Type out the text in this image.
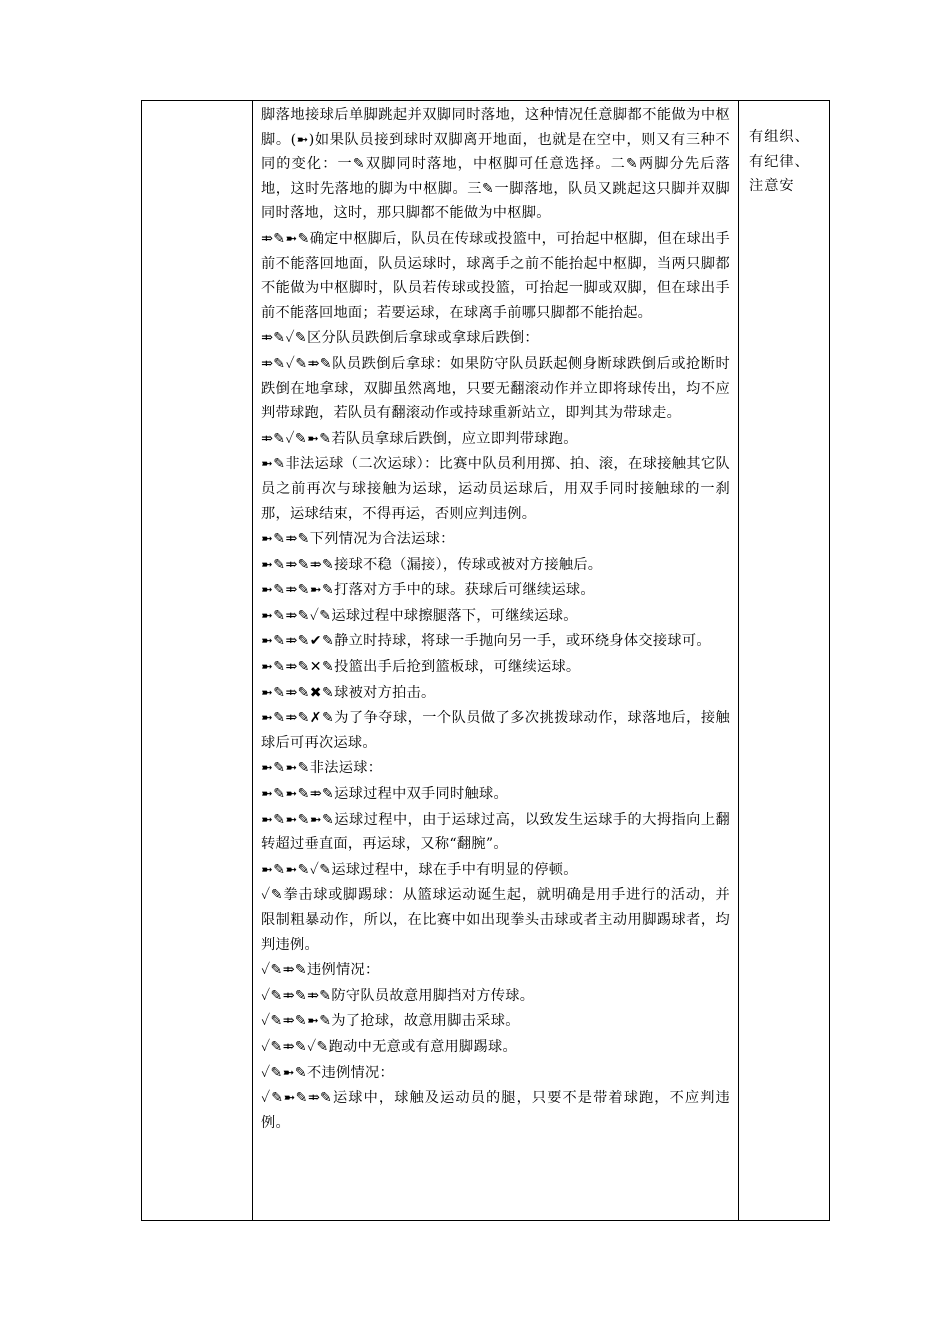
脚落地接球后单脚跳起并双脚同时落地，这种情况任意脚都不能做为中枢脚。(➼)如果队员接到球时双脚离开地面，也就是在空中，则又有三种不同的变化：一✎双脚同时落地，中枢脚可任意选择。二✎两脚分先后落地，这时先落地的脚为中枢脚。三✎一脚落地，队员又跳起这只脚并双脚同时落地，这时，那只脚都不能做为中枢脚。

⤃✎➼✎确定中枢脚后，队员在传球或投篮中，可抬起中枢脚，但在球出手前不能落回地面，队员运球时，球离手之前不能抬起中枢脚，当两只脚都不能做为中枢脚时，队员若传球或投篮，可抬起一脚或双脚，但在球出手前不能落回地面；若要运球，在球离手前哪只脚都不能抬起。

⤃✎✓✎区分队员跌倒后拿球或拿球后跌倒：

⤃✎✓✎⤃✎队员跌倒后拿球：如果防守队员跃起侧身断球跌倒后或抢断时跌倒在地拿球，双脚虽然离地，只要无翻滚动作并立即将球传出，均不应判带球跑，若队员有翻滚动作或持球重新站立，即判其为带球走。

⤃✎✓✎➼✎若队员拿球后跌倒，应立即判带球跑。

➼✎非法运球（二次运球）：比赛中队员利用掷、拍、滚，在球接触其它队员之前再次与球接触为运球，运动员运球后，用双手同时接触球的一刹那，运球结束，不得再运，否则应判违例。

➼✎⤃✎下列情况为合法运球：

➼✎⤃✎⤃✎接球不稳（漏接），传球或被对方接触后。

➼✎⤃✎➼✎打落对方手中的球。获球后可继续运球。

➼✎⤃✎✓✎运球过程中球擦腿落下，可继续运球。

➼✎⤃✎✔✎静立时持球，将球一手抛向另一手，或环绕身体交接球可。

➼✎⤃✎✕✎投篮出手后抢到篮板球，可继续运球。

➼✎⤃✎✖✎球被对方拍击。

➼✎⤃✎✗✎为了争夺球，一个队员做了多次挑拨球动作，球落地后，接触球后可再次运球。

➼✎➼✎非法运球：

➼✎➼✎⤃✎运球过程中双手同时触球。

➼✎➼✎➼✎运球过程中，由于运球过高，以致发生运球手的大拇指向上翻转超过垂直面，再运球，又称“翻腕”。

➼✎➼✎✓✎运球过程中，球在手中有明显的停顿。

✓✎拳击球或脚踢球：从篮球运动诞生起，就明确是用手进行的活动，并限制粗暴动作，所以，在比赛中如出现拳头击球或者主动用脚踢球者，均判违例。

✓✎⤃✎违例情况：

✓✎⤃✎⤃✎防守队员故意用脚挡对方传球。

✓✎⤃✎➼✎为了抢球，故意用脚击采球。

✓✎⤃✎✓✎跑动中无意或有意用脚踢球。

✓✎➼✎不违例情况：

✓✎➼✎⤃✎运球中，球触及运动员的腿，只要不是带着球跑，不应判违例。

有组织、

有纪律、

注意安
